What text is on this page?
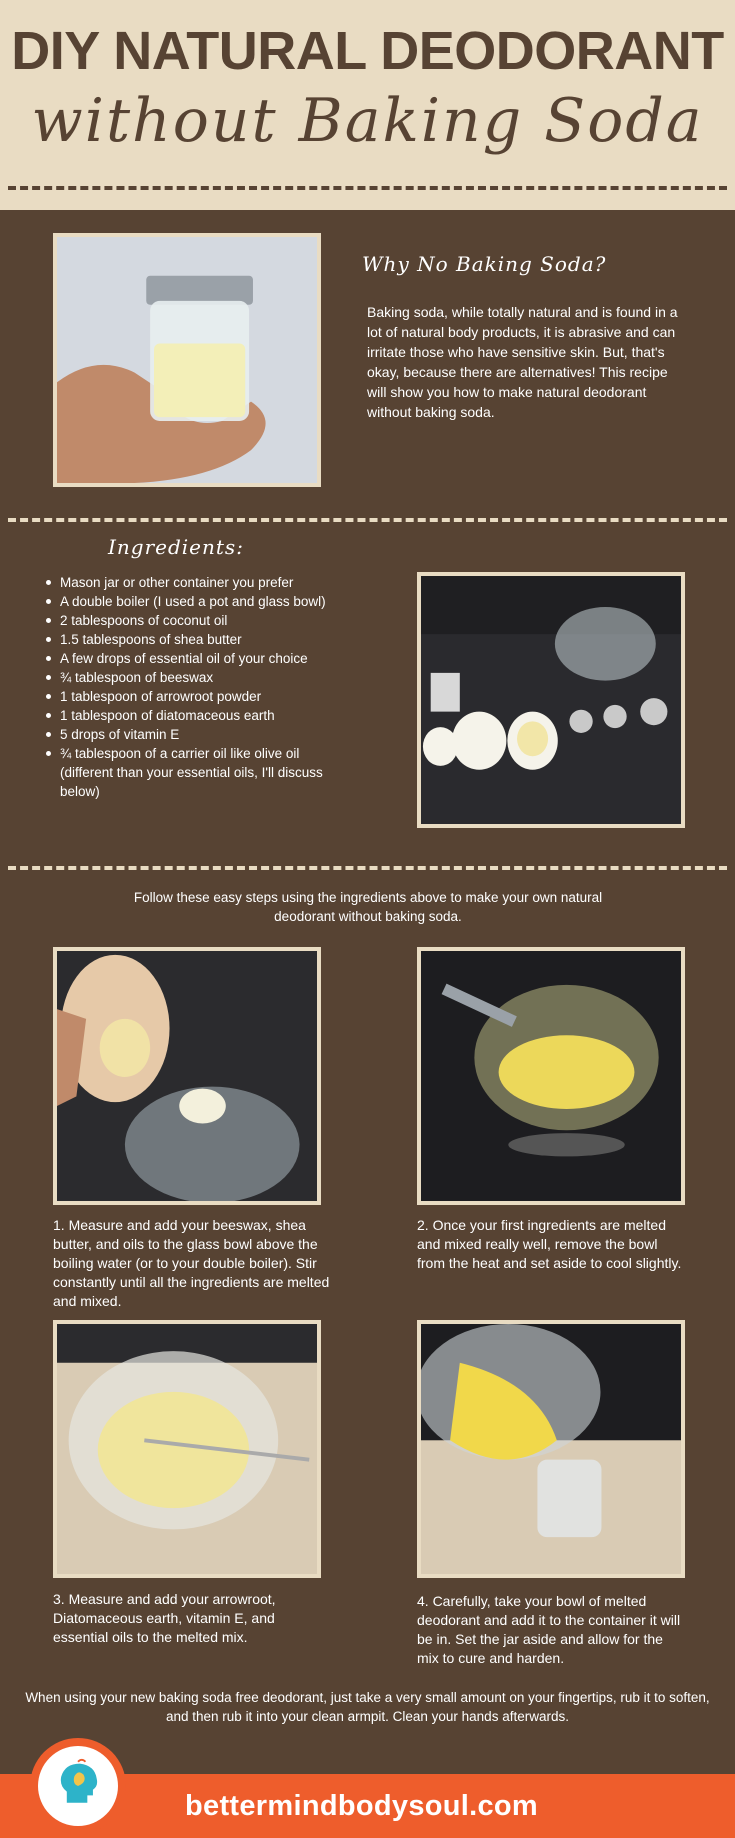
DIY NATURAL DEODORANT
without Baking Soda
Why No Baking Soda?
Baking soda, while totally natural and is found in a lot of natural body products, it is abrasive and can irritate those who have sensitive skin. But, that's okay, because there are alternatives! This recipe will show you how to make natural deodorant without baking soda.
Ingredients:
Mason jar or other container you prefer
A double boiler (I used a pot and glass bowl)
2 tablespoons of coconut oil
1.5 tablespoons of shea butter
A few drops of essential oil of your choice
¾ tablespoon of beeswax
1 tablespoon of arrowroot powder
1 tablespoon of diatomaceous earth
5 drops of vitamin E
¾ tablespoon of a carrier oil like olive oil (different than your essential oils, I'll discuss below)
Follow these easy steps using the ingredients above to make your own natural deodorant without baking soda.
1. Measure and add your beeswax, shea butter, and oils to the glass bowl above the boiling water (or to your double boiler). Stir constantly until all the ingredients are melted and mixed.
2. Once your first ingredients are melted and mixed really well, remove the bowl from the heat and set aside to cool slightly.
3. Measure and add your arrowroot, Diatomaceous earth, vitamin E, and essential oils to the melted mix.
4. Carefully, take your bowl of melted deodorant and add it to the container it will be in. Set the jar aside and allow for the mix to cure and harden.
When using your new baking soda free deodorant, just take a very small amount on your fingertips, rub it to soften, and then rub it into your clean armpit. Clean your hands afterwards.
bettermindbodysoul.com
